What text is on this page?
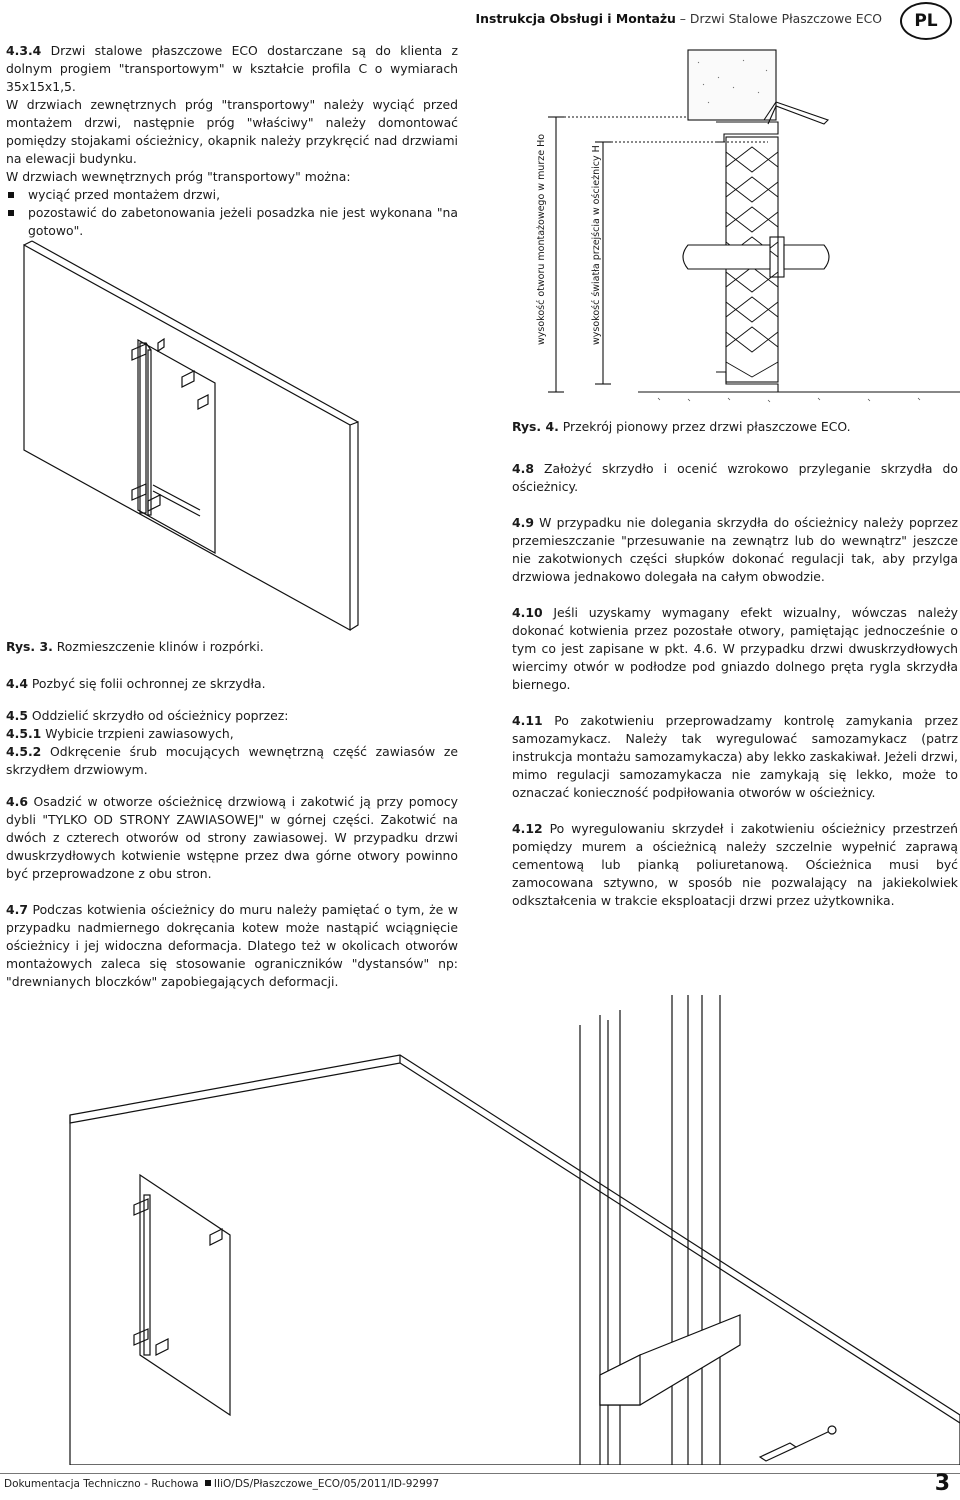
Instrukcja Obsługi i Montażu – Drzwi Stalowe Płaszczowe ECO	PL
4.3.4 Drzwi stalowe płaszczowe ECO dostarczane są do klienta z dolnym progiem "transportowym" w kształcie profila C o wymiarach 35x15x1,5.
W drzwiach zewnętrznych próg "transportowy" należy wyciąć przed montażem drzwi, następnie próg "właściwy" należy domontować pomiędzy stojakami ościeżnicy, okapnik należy przykręcić nad drzwiami na elewacji budynku.
W drzwiach wewnętrznych próg "transportowy" można:
wyciąć przed montażem drzwi,
pozostawić do zabetonowania jeżeli posadzka nie jest wykonana "na gotowo".
Rys. 3. Rozmieszczenie klinów i rozpórki.
wysokość otworu montażowego w murze Ho	wysokość światła przejścia w ościeżnicy H
Rys. 4. Przekrój pionowy przez drzwi płaszczowe ECO.
4.8 Założyć skrzydło i ocenić wzrokowo przyleganie skrzydła do ościeżnicy.
4.9 W przypadku nie dolegania skrzydła do ościeżnicy należy poprzez przemieszczanie "przesuwanie na zewnątrz lub do wewnątrz" jeszcze nie zakotwionych części słupków dokonać regulacji tak, aby przylga drzwiowa jednakowo dolegała na całym obwodzie.
4.10 Jeśli uzyskamy wymagany efekt wizualny, wówczas należy dokonać kotwienia przez pozostałe otwory, pamiętając jednocześnie o tym co jest zapisane w pkt. 4.6. W przypadku drzwi dwuskrzydłowych wiercimy otwór w podłodze pod gniazdo dolnego pręta rygla skrzydła biernego.
4.11 Po zakotwieniu przeprowadzamy kontrolę zamykania przez samozamykacz. Należy tak wyregulować samozamykacz (patrz instrukcja montażu samozamykacza) aby lekko zaskakiwał. Jeżeli drzwi, mimo regulacji samozamykacza nie zamykają się lekko, może to oznaczać konieczność podpiłowania otworów w ościeżnicy.
4.12 Po wyregulowaniu skrzydeł i zakotwieniu ościeżnicy przestrzeń pomiędzy murem a ościeżnicą należy szczelnie wypełnić zaprawą cementową lub pianką poliuretanową. Ościeżnica musi być zamocowana sztywno, w sposób nie pozwalający na jakiekolwiek odkształcenia w trakcie eksploatacji drzwi przez użytkownika.
4.4 Pozbyć się folii ochronnej ze skrzydła.
4.5 Oddzielić skrzydło od ościeżnicy poprzez:
4.5.1 Wybicie trzpieni zawiasowych,
4.5.2 Odkręcenie śrub mocujących wewnętrzną część zawiasów ze skrzydłem drzwiowym.
4.6 Osadzić w otworze ościeżnicę drzwiową i zakotwić ją przy pomocy dybli "TYLKO OD STRONY ZAWIASOWEJ" w górnej części. Zakotwić na dwóch z czterech otworów od strony zawiasowej. W przypadku drzwi dwuskrzydłowych kotwienie wstępne przez dwa górne otwory powinno być przeprowadzone z obu stron.
4.7 Podczas kotwienia ościeżnicy do muru należy pamiętać o tym, że w przypadku nadmiernego dokręcania kotew może nastąpić wciągnięcie ościeżnicy i jej widoczna deformacja. Dlatego też w okolicach otworów montażowych zaleca się stosowanie ograniczników "dystansów" np: "drewnianych bloczków" zapobiegających deformacji.
Dokumentacja Techniczno - Ruchowa IIiO/DS/Płaszczowe_ECO/05/2011/ID-92997	3
